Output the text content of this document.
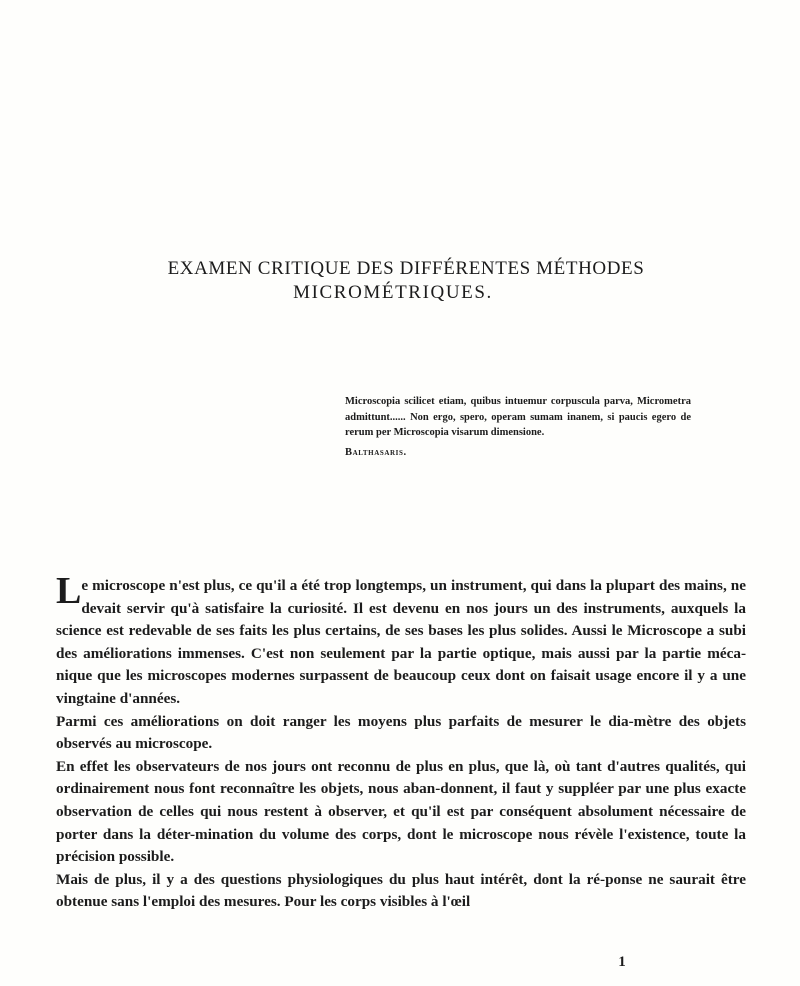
EXAMEN CRITIQUE DES DIFFÉRENTES MÉTHODES
MICROMÉTRIQUES.

Microscopia scilicet etiam, quibus intuemur corpuscula parva, Micrometra admittunt...... Non ergo, spero, operam sumam inanem, si paucis egero de rerum per Microscopia visarum dimensione.

Balthasaris.

Le microscope n'est plus, ce qu'il a été trop longtemps, un instrument, qui dans la plupart des mains, ne devait servir qu'à satisfaire la curiosité. Il est devenu en nos jours un des instruments, auxquels la science est redevable de ses faits les plus certains, de ses bases les plus solides. Aussi le Microscope a subi des améliorations immenses. C'est non seulement par la partie optique, mais aussi par la partie méca-nique que les microscopes modernes surpassent de beaucoup ceux dont on faisait usage encore il y a une vingtaine d'années.

Parmi ces améliorations on doit ranger les moyens plus parfaits de mesurer le dia-mètre des objets observés au microscope.

En effet les observateurs de nos jours ont reconnu de plus en plus, que là, où tant d'autres qualités, qui ordinairement nous font reconnaître les objets, nous aban-donnent, il faut y suppléer par une plus exacte observation de celles qui nous restent à observer, et qu'il est par conséquent absolument nécessaire de porter dans la déter-mination du volume des corps, dont le microscope nous révèle l'existence, toute la précision possible.

Mais de plus, il y a des questions physiologiques du plus haut intérêt, dont la ré-ponse ne saurait être obtenue sans l'emploi des mesures. Pour les corps visibles à l'œil

1
